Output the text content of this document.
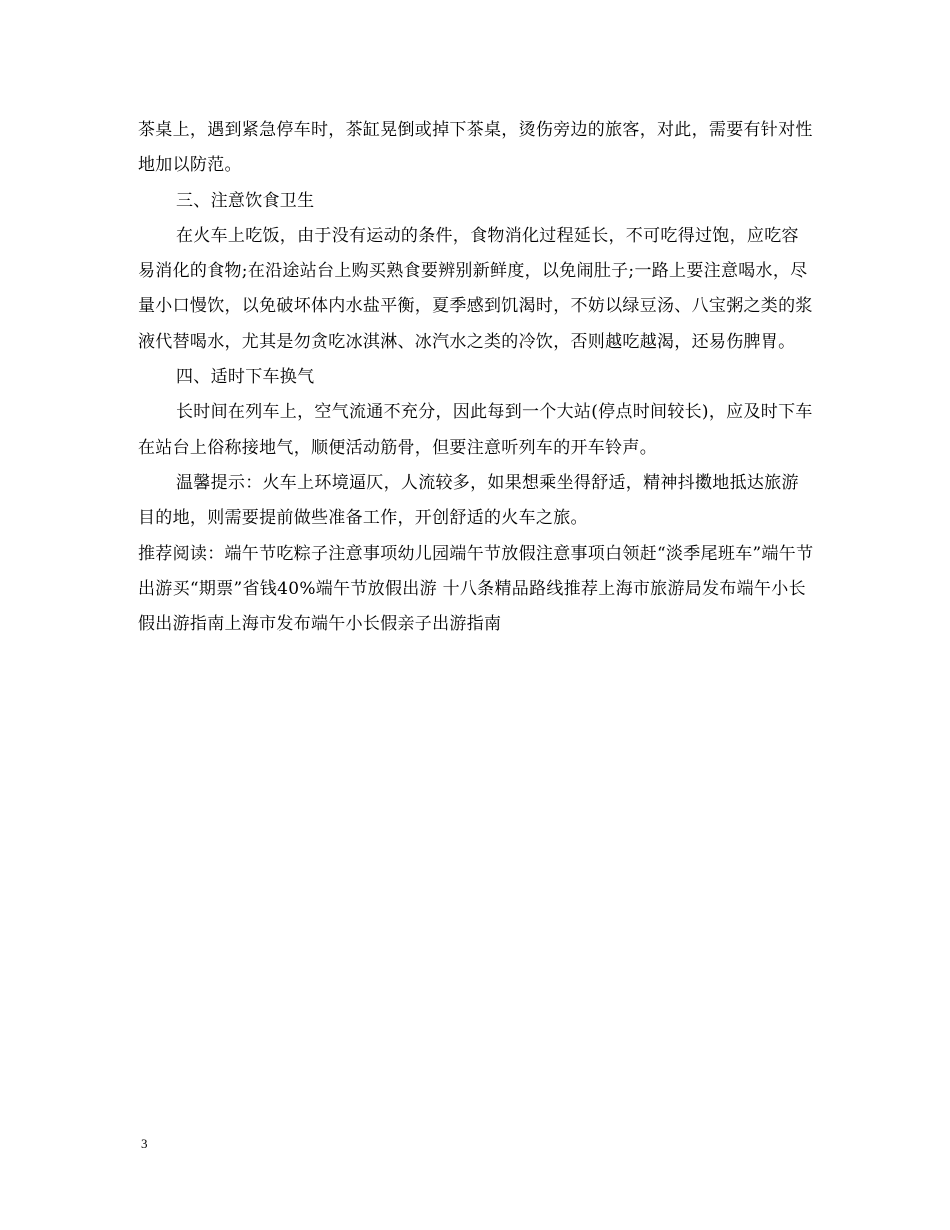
茶桌上，遇到紧急停车时，茶缸晃倒或掉下茶桌，烫伤旁边的旅客，对此，需要有针对性地加以防范。

三、注意饮食卫生

在火车上吃饭，由于没有运动的条件，食物消化过程延长，不可吃得过饱，应吃容易消化的食物;在沿途站台上购买熟食要辨别新鲜度，以免闹肚子;一路上要注意喝水，尽量小口慢饮，以免破坏体内水盐平衡，夏季感到饥渴时，不妨以绿豆汤、八宝粥之类的浆液代替喝水，尤其是勿贪吃冰淇淋、冰汽水之类的冷饮，否则越吃越渴，还易伤脾胃。

四、适时下车换气

长时间在列车上，空气流通不充分，因此每到一个大站(停点时间较长)，应及时下车在站台上俗称接地气，顺便活动筋骨，但要注意听列车的开车铃声。

温馨提示：火车上环境逼仄，人流较多，如果想乘坐得舒适，精神抖擞地抵达旅游目的地，则需要提前做些准备工作，开创舒适的火车之旅。

推荐阅读：端午节吃粽子注意事项幼儿园端午节放假注意事项白领赶“淡季尾班车”端午节出游买“期票”省钱40%端午节放假出游 十八条精品路线推荐上海市旅游局发布端午小长假出游指南上海市发布端午小长假亲子出游指南

3
